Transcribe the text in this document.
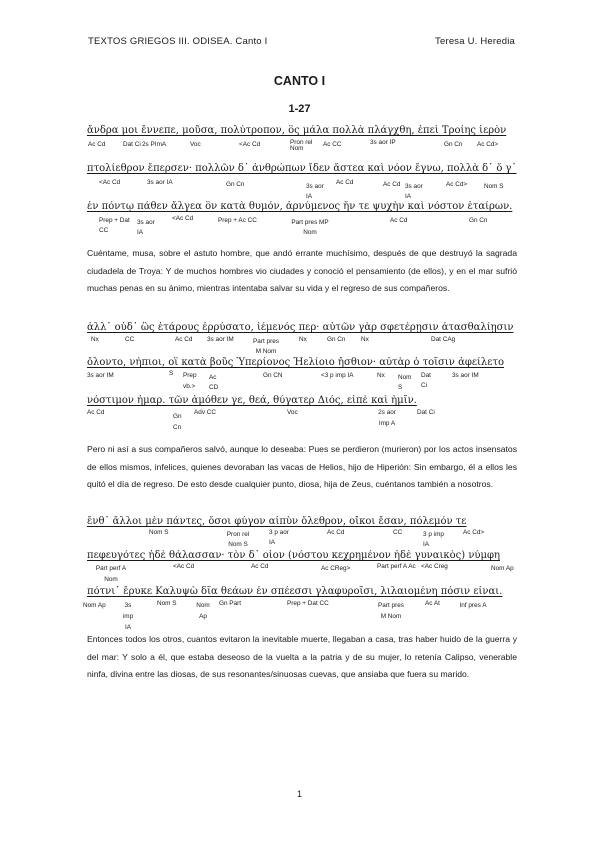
TEXTOS GRIEGOS III. ODISEA. Canto I	Teresa U. Heredia
CANTO I
1-27
ἄνδρα μοι ἔννεπε, μοῦσα, πολύτροπον, ὃς μάλα πολλὰ πλάγχθη, ἐπεὶ Τροίης ἱερὸν
Ac Cd	Dat Ci 2s PImA	Voc	<Ac Cd	Pron rel Nom
Ac CC	3s aor IP	Gn Cn Ac Cd>
πτολίεθρον ἔπερσεν· πολλῶν δ᾽ ἀνθρώπων ἴδεν ἄστεα καὶ νόον ἔγνω, πολλὰ δ᾽ ὅ γ᾽
<Ac Cd	3s aor IA	Gn Cn	3s aor IA
Ac Cd	Ac Cd 3s aor IA
Ac Cd>	Nom S
ἐν πόντῳ πάθεν ἄλγεα ὃν κατὰ θυμόν, ἀρνύμενος ἥν τε ψυχὴν καὶ νόστον ἑταίρων.
Prep + Dat CC
3s aor IA
<Ac Cd	Prep + Ac CC	Part pres MP Nom
Ac Cd	Gn Cn
Cuéntame, musa, sobre el astuto hombre, que andó errante muchísimo, después de que destruyó la sagrada ciudadela de Troya: Y de muchos hombres vio ciudades y conoció el pensamiento (de ellos), y en el mar sufrió muchas penas en su ánimo, mientras intentaba salvar su vida y el regreso de sus compañeros.
ἀλλ᾽ οὐδ᾽ ὣς ἑτάρους ἐρρύσατο, ἱέμενός περ· αὐτῶν γὰρ σφετέρῃσιν ἀτασθαλίῃσιν
Nx	CC	Ac Cd 3s aor IM	Part pres M Nom
Nx	Gn Cn Nx	Dat CAg
ὄλοντο, νήπιοι, οἳ κατὰ βοῦς Ὑπερίονος Ἠελίοιο ἤσθιον· αὐτὰρ ὁ τοῖσιν ἀφείλετο
3s aor IM	S Prep vb.>
Ac CD
Gn CN	<3 p imp IA	Nx Nom S
Dat Ci
3s aor IM
νόστιμον ἦμαρ. τῶν ἁμόθεν γε, θεά, θύγατερ Διός, εἰπὲ καὶ ἡμῖν.
Ac Cd
Gn Cn
Adv CC	Voc	2s aor Imp A
Dat Ci
Pero ni así a sus compañeros salvó, aunque lo deseaba: Pues se perdieron (murieron) por los actos insensatos de ellos mismos, infelices, quienes devoraban las vacas de Helios, hijo de Hiperión: Sin embargo, él a ellos les quitó el día de regreso. De esto desde cualquier punto, diosa, hija de Zeus, cuéntanos también a nosotros.
ἔνθ᾽ ἄλλοι μὲν πάντες, ὅσοι φύγον αἰπὺν ὄλεθρον, οἴκοι ἔσαν, πόλεμόν τε
Nom S	Pron rel Nom S
3 p aor IA
Ac Cd	CC	3 p imp IA
Ac Cd>
πεφευγότες ἠδὲ θάλασσαν· τὸν δ᾽ οἶον (νόστου κεχρημένον ἠδὲ γυναικὸς) νύμφη
Part perf A Nom
<Ac Cd	Ac Cd	Ac CReg>	Part perf A Ac <Ac Creg	Nom Ap
πότνι᾽ ἔρυκε Καλυψὼ δῖα θεάων ἐν σπέεσσι γλαφυροῖσι, λιλαιομένη πόσιν εἶναι.
Nom Ap	3s imp IA
Nom S	Nom Ap
Gn Part	Prep + Dat CC	Part pres M Nom
Ac At	Inf pres A
Entonces todos los otros, cuantos evitaron la inevitable muerte, llegaban a casa, tras haber huido de la guerra y del mar: Y solo a él, que estaba deseoso de la vuelta a la patria y de su mujer, lo retenía Calipso, venerable ninfa, divina entre las diosas, de sus resonantes/sinuosas cuevas, que ansiaba que fuera su marido.
1
